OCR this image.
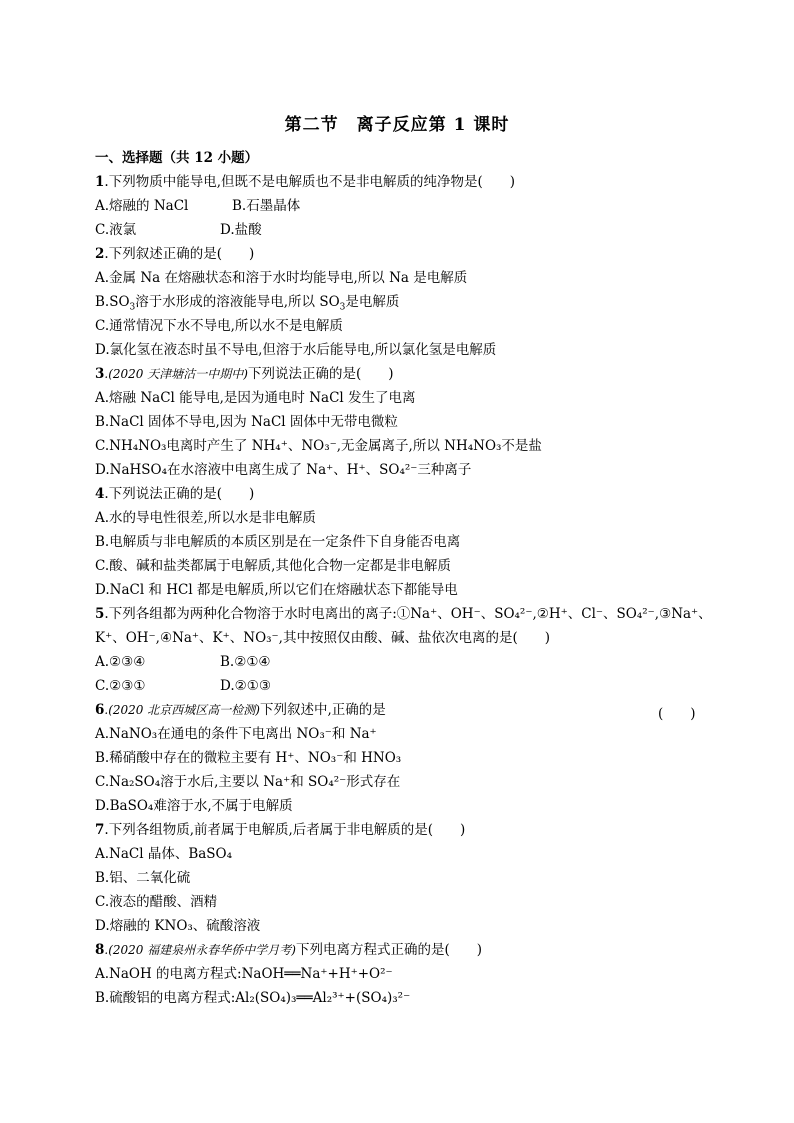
第二节　离子反应第 1 课时
一、选择题（共 12 小题）
1.下列物质中能导电,但既不是电解质也不是非电解质的纯净物是(　　)
A.熔融的 NaCl	B.石墨晶体
C.液氯	D.盐酸
2.下列叙述正确的是(　　)
A.金属 Na 在熔融状态和溶于水时均能导电,所以 Na 是电解质
$B.SO_3$溶于水形成的溶液能导电,所以 $SO_3$是电解质
C.通常情况下水不导电,所以水不是电解质
D.氯化氢在液态时虽不导电,但溶于水后能导电,所以氯化氢是电解质
3.(2020 天津塘沽一中期中)下列说法正确的是(　　)
A.熔融 NaCl 能导电,是因为通电时 NaCl 发生了电离
B.NaCl 固体不导电,因为 NaCl 固体中无带电微粒
C.NH₄NO₃电离时产生了 NH₄⁺、NO₃⁻,无金属离子,所以 NH₄NO₃不是盐
D.NaHSO₄在水溶液中电离生成了 Na⁺、H⁺、SO₄²⁻三种离子
4.下列说法正确的是(　　)
A.水的导电性很差,所以水是非电解质
B.电解质与非电解质的本质区别是在一定条件下自身能否电离
C.酸、碱和盐类都属于电解质,其他化合物一定都是非电解质
D.NaCl 和 HCl 都是电解质,所以它们在熔融状态下都能导电
5.下列各组都为两种化合物溶于水时电离出的离子:①Na⁺、OH⁻、SO₄²⁻,②H⁺、Cl⁻、SO₄²⁻,③Na⁺、
K⁺、OH⁻,④Na⁺、K⁺、NO₃⁻,其中按照仅由酸、碱、盐依次电离的是(　　)
A.②③④	B.②①④
C.②③①	D.②①③
6.(2020 北京西城区高一检测)下列叙述中,正确的是	(　　)
A.NaNO₃在通电的条件下电离出 NO₃⁻和 Na⁺
B.稀硝酸中存在的微粒主要有 H⁺、NO₃⁻和 HNO₃
C.Na₂SO₄溶于水后,主要以 Na⁺和 SO₄²⁻形式存在
D.BaSO₄难溶于水,不属于电解质
7.下列各组物质,前者属于电解质,后者属于非电解质的是(　　)
A.NaCl 晶体、BaSO₄
B.铝、二氧化硫
C.液态的醋酸、酒精
D.熔融的 KNO₃、硫酸溶液
8.(2020 福建泉州永春华侨中学月考)下列电离方程式正确的是(　　)
A.NaOH 的电离方程式:NaOH══Na⁺+H⁺+O²⁻
B.硫酸铝的电离方程式:Al₂(SO₄)₃══Al₂³⁺+(SO₄)₃²⁻
